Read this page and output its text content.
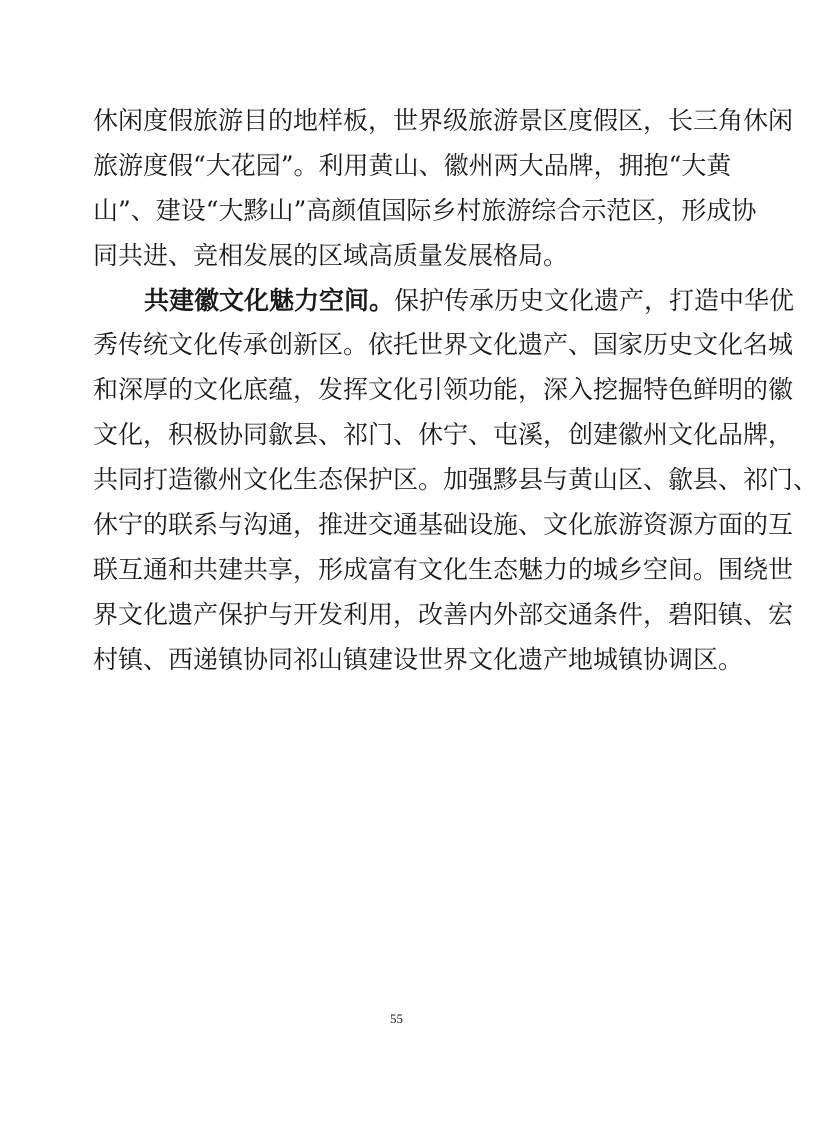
休闲度假旅游目的地样板，世界级旅游景区度假区，长三角休闲
旅游度假“大花园”。利用黄山、徽州两大品牌，拥抱“大黄
山”、建设“大黟山”高颜值国际乡村旅游综合示范区，形成协
同共进、竞相发展的区域高质量发展格局。
共建徽文化魅力空间。保护传承历史文化遗产，打造中华优
秀传统文化传承创新区。依托世界文化遗产、国家历史文化名城
和深厚的文化底蕴，发挥文化引领功能，深入挖掘特色鲜明的徽
文化，积极协同歙县、祁门、休宁、屯溪，创建徽州文化品牌，
共同打造徽州文化生态保护区。加强黟县与黄山区、歙县、祁门、
休宁的联系与沟通，推进交通基础设施、文化旅游资源方面的互
联互通和共建共享，形成富有文化生态魅力的城乡空间。围绕世
界文化遗产保护与开发利用，改善内外部交通条件，碧阳镇、宏
村镇、西递镇协同祁山镇建设世界文化遗产地城镇协调区。
55
